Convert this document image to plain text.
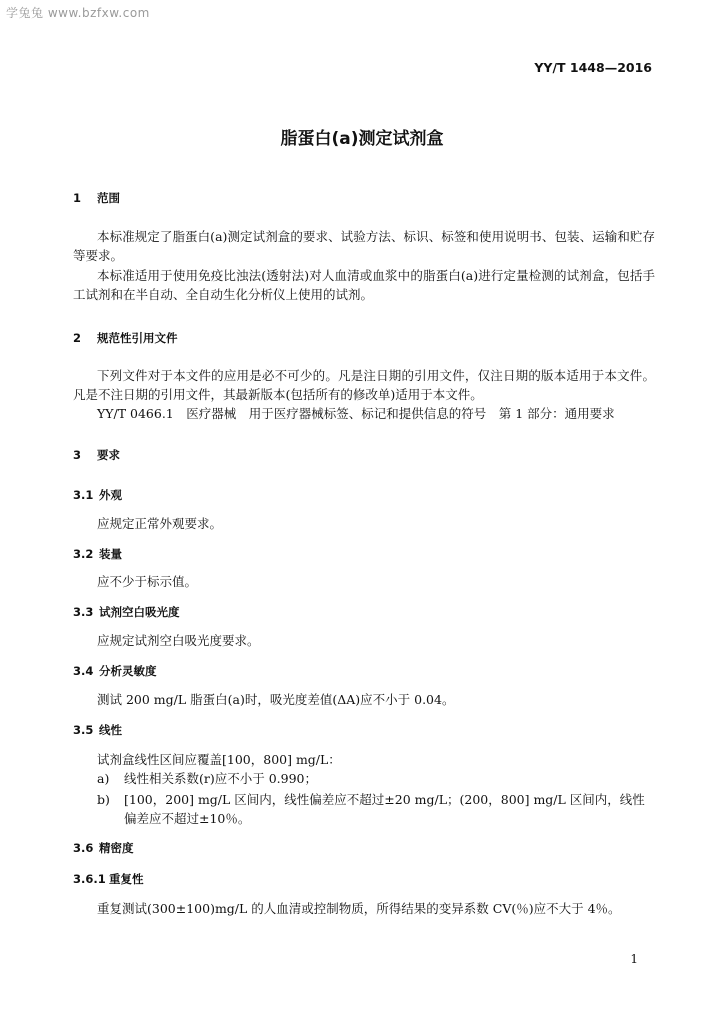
学兔兔 www.bzfxw.com
YY/T 1448—2016
脂蛋白(a)测定试剂盒
1 范围
本标准规定了脂蛋白(a)测定试剂盒的要求、试验方法、标识、标签和使用说明书、包装、运输和贮存等要求。
本标准适用于使用免疫比浊法(透射法)对人血清或血浆中的脂蛋白(a)进行定量检测的试剂盒，包括手工试剂和在半自动、全自动生化分析仪上使用的试剂。
2 规范性引用文件
下列文件对于本文件的应用是必不可少的。凡是注日期的引用文件，仅注日期的版本适用于本文件。凡是不注日期的引用文件，其最新版本(包括所有的修改单)适用于本文件。
YY/T 0466.1　医疗器械　用于医疗器械标签、标记和提供信息的符号　第 1 部分：通用要求
3 要求
3.1 外观
应规定正常外观要求。
3.2 装量
应不少于标示值。
3.3 试剂空白吸光度
应规定试剂空白吸光度要求。
3.4 分析灵敏度
测试 200 mg/L 脂蛋白(a)时，吸光度差值(ΔA)应不小于 0.04。
3.5 线性
试剂盒线性区间应覆盖[100，800] mg/L：
a) 线性相关系数(r)应不小于 0.990；
b) [100，200] mg/L 区间内，线性偏差应不超过±20 mg/L；(200，800] mg/L 区间内，线性偏差应不超过±10％。
3.6 精密度
3.6.1 重复性
重复测试(300±100)mg/L 的人血清或控制物质，所得结果的变异系数 CV(％)应不大于 4％。
1
